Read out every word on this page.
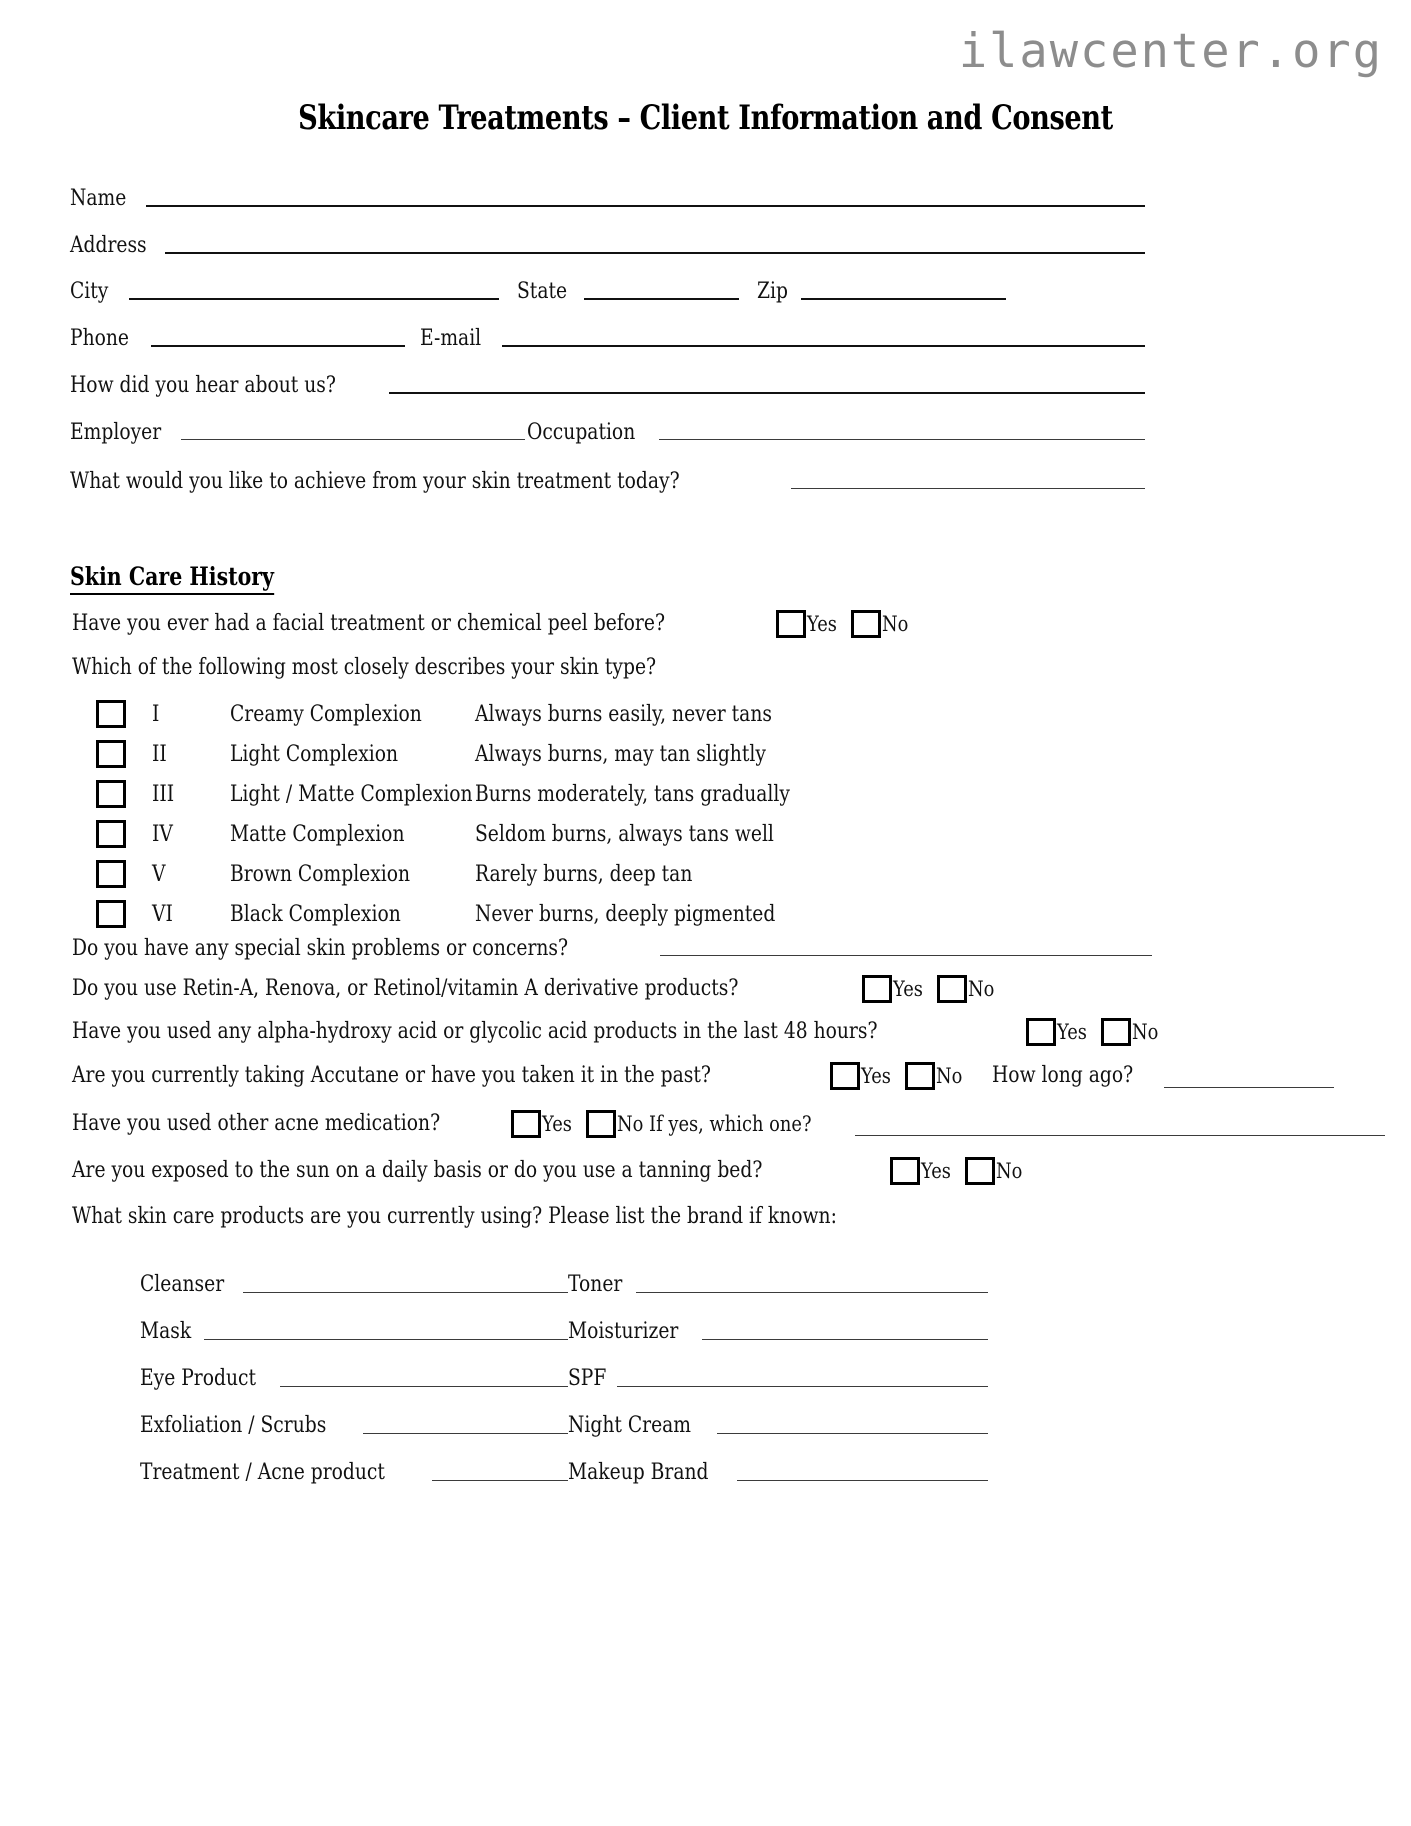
ilawcenter.org
Skincare Treatments – Client Information and Consent
Name
Address
City	State	Zip
Phone	E-mail
How did you hear about us?
Employer	Occupation
What would you like to achieve from your skin treatment today?
Skin Care History
Have you ever had a facial treatment or chemical peel before?	Yes No
Which of the following most closely describes your skin type?
I	Creamy Complexion	Always burns easily, never tans
II	Light Complexion	Always burns, may tan slightly
III	Light / Matte Complexion Burns moderately, tans gradually
IV	Matte Complexion	Seldom burns, always tans well
V	Brown Complexion	Rarely burns, deep tan
VI	Black Complexion	Never burns, deeply pigmented
Do you have any special skin problems or concerns?
Do you use Retin-A, Renova, or Retinol/vitamin A derivative products?	Yes No
Have you used any alpha-hydroxy acid or glycolic acid products in the last 48 hours?	Yes No
Are you currently taking Accutane or have you taken it in the past?	Yes No How long ago?
Have you used other acne medication?	Yes No If yes, which one?
Are you exposed to the sun on a daily basis or do you use a tanning bed?	Yes No
What skin care products are you currently using? Please list the brand if known:
Cleanser	Toner
Mask	Moisturizer
Eye Product	SPF
Exfoliation / Scrubs	Night Cream
Treatment / Acne product	Makeup Brand
